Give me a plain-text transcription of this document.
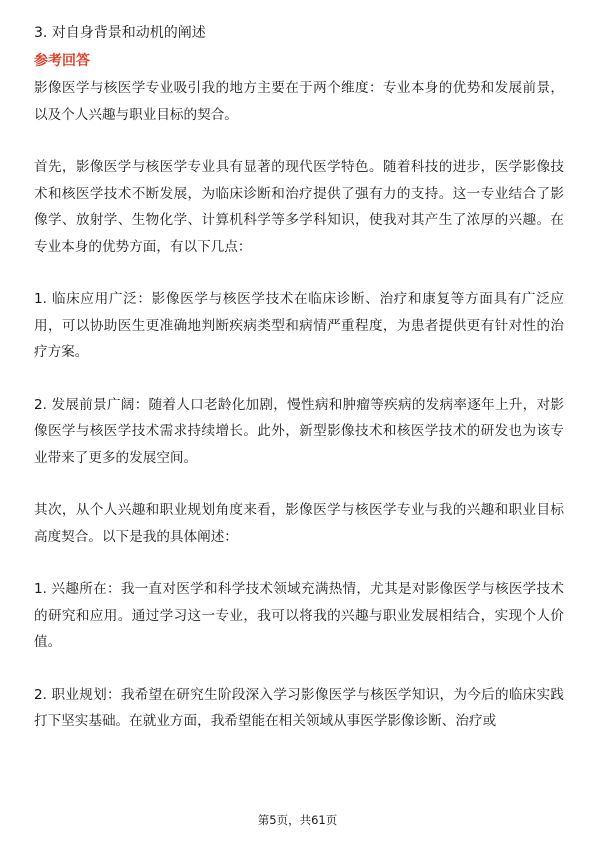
3. 对自身背景和动机的阐述
参考回答

影像医学与核医学专业吸引我的地方主要在于两个维度：专业本身的优势和发展前景，以及个人兴趣与职业目标的契合。

首先，影像医学与核医学专业具有显著的现代医学特色。随着科技的进步，医学影像技术和核医学技术不断发展，为临床诊断和治疗提供了强有力的支持。这一专业结合了影像学、放射学、生物化学、计算机科学等多学科知识，使我对其产生了浓厚的兴趣。在专业本身的优势方面，有以下几点：

1. 临床应用广泛：影像医学与核医学技术在临床诊断、治疗和康复等方面具有广泛应用，可以协助医生更准确地判断疾病类型和病情严重程度，为患者提供更有针对性的治疗方案。

2. 发展前景广阔：随着人口老龄化加剧，慢性病和肿瘤等疾病的发病率逐年上升，对影像医学与核医学技术需求持续增长。此外，新型影像技术和核医学技术的研发也为该专业带来了更多的发展空间。

其次，从个人兴趣和职业规划角度来看，影像医学与核医学专业与我的兴趣和职业目标高度契合。以下是我的具体阐述：

1. 兴趣所在：我一直对医学和科学技术领域充满热情，尤其是对影像医学与核医学技术的研究和应用。通过学习这一专业，我可以将我的兴趣与职业发展相结合，实现个人价值。

2. 职业规划：我希望在研究生阶段深入学习影像医学与核医学知识，为今后的临床实践打下坚实基础。在就业方面，我希望能在相关领域从事医学影像诊断、治疗或

第5页，共61页
